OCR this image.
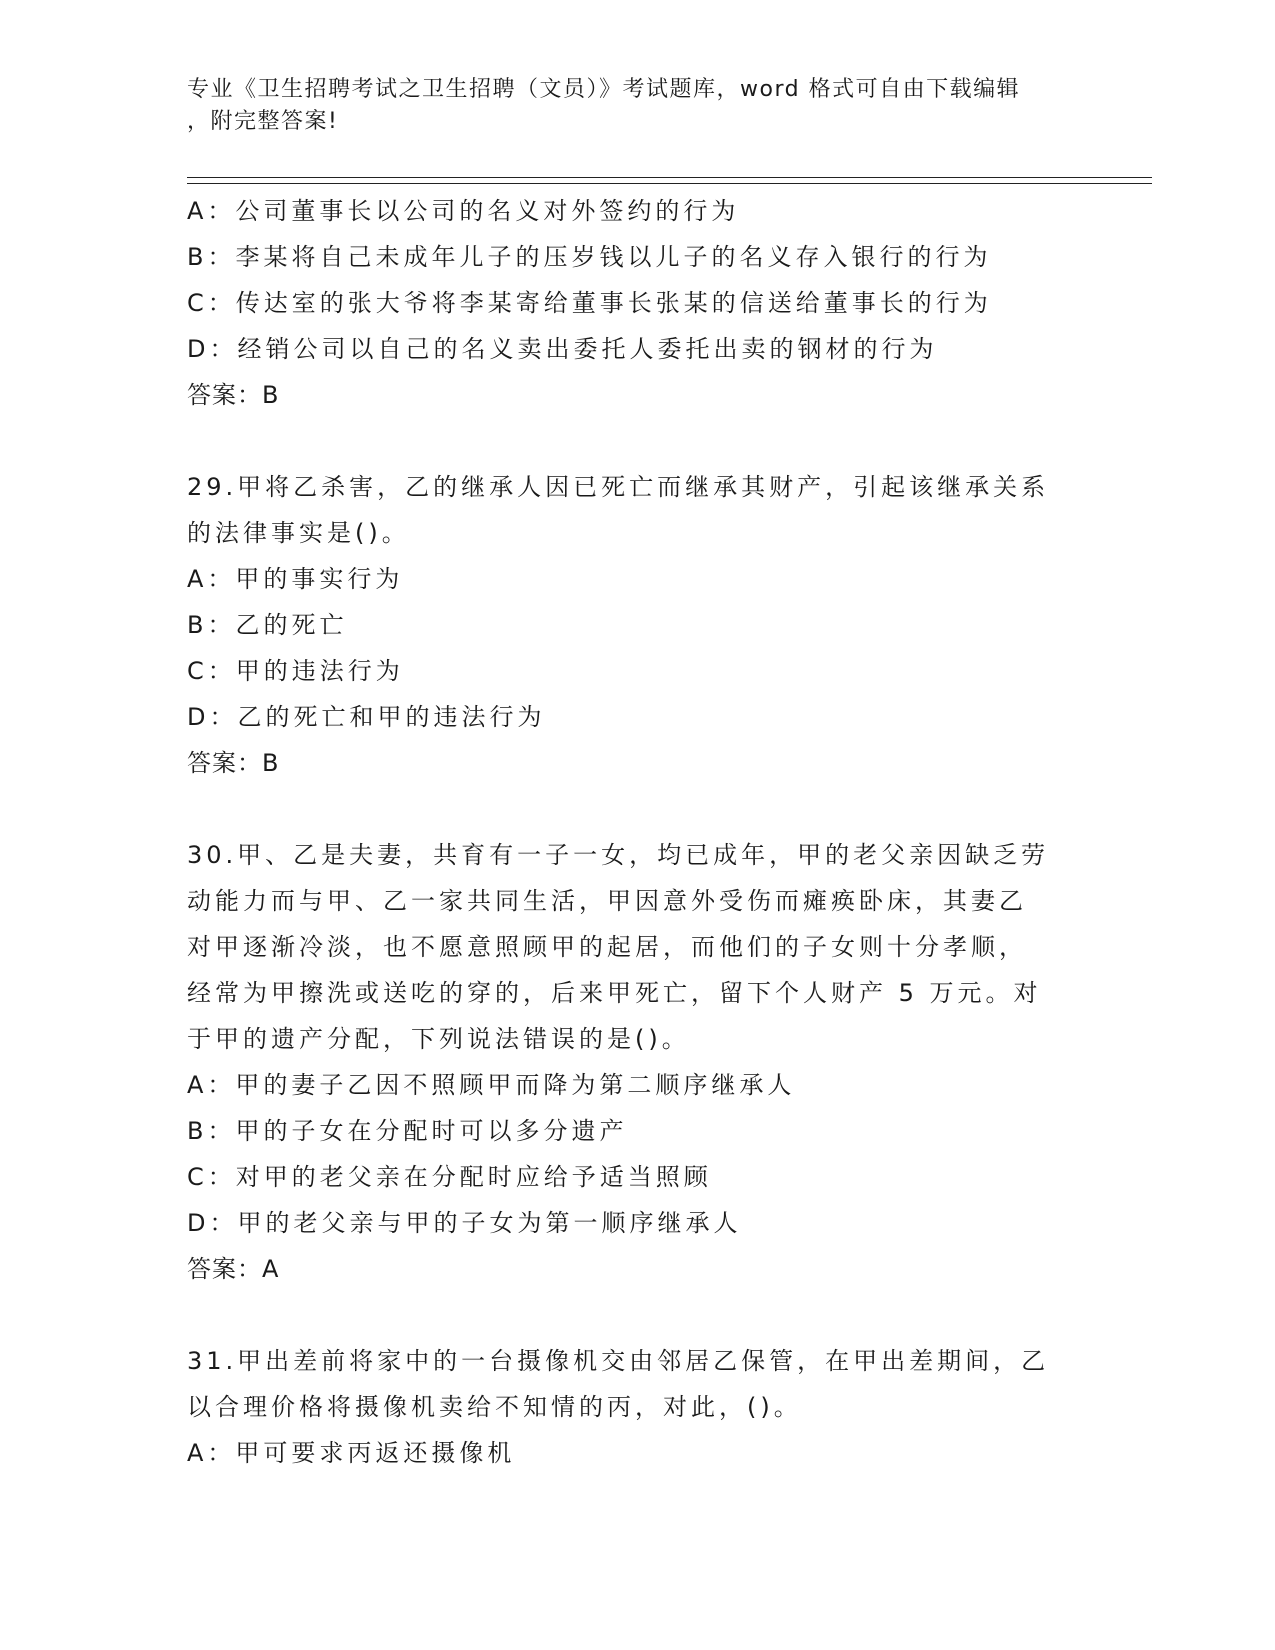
专业《卫生招聘考试之卫生招聘（文员）》考试题库，word 格式可自由下载编辑
，附完整答案!
A：公司董事长以公司的名义对外签约的行为
B：李某将自己未成年儿子的压岁钱以儿子的名义存入银行的行为
C：传达室的张大爷将李某寄给董事长张某的信送给董事长的行为
D：经销公司以自己的名义卖出委托人委托出卖的钢材的行为
答案：B
29.甲将乙杀害，乙的继承人因已死亡而继承其财产，引起该继承关系
的法律事实是()。
A：甲的事实行为
B：乙的死亡
C：甲的违法行为
D：乙的死亡和甲的违法行为
答案：B
30.甲、乙是夫妻，共育有一子一女，均已成年，甲的老父亲因缺乏劳
动能力而与甲、乙一家共同生活，甲因意外受伤而瘫痪卧床，其妻乙
对甲逐渐冷淡，也不愿意照顾甲的起居，而他们的子女则十分孝顺，
经常为甲擦洗或送吃的穿的，后来甲死亡，留下个人财产 5 万元。对
于甲的遗产分配，下列说法错误的是()。
A：甲的妻子乙因不照顾甲而降为第二顺序继承人
B：甲的子女在分配时可以多分遗产
C：对甲的老父亲在分配时应给予适当照顾
D：甲的老父亲与甲的子女为第一顺序继承人
答案：A
31.甲出差前将家中的一台摄像机交由邻居乙保管，在甲出差期间，乙
以合理价格将摄像机卖给不知情的丙，对此，()。
A：甲可要求丙返还摄像机
